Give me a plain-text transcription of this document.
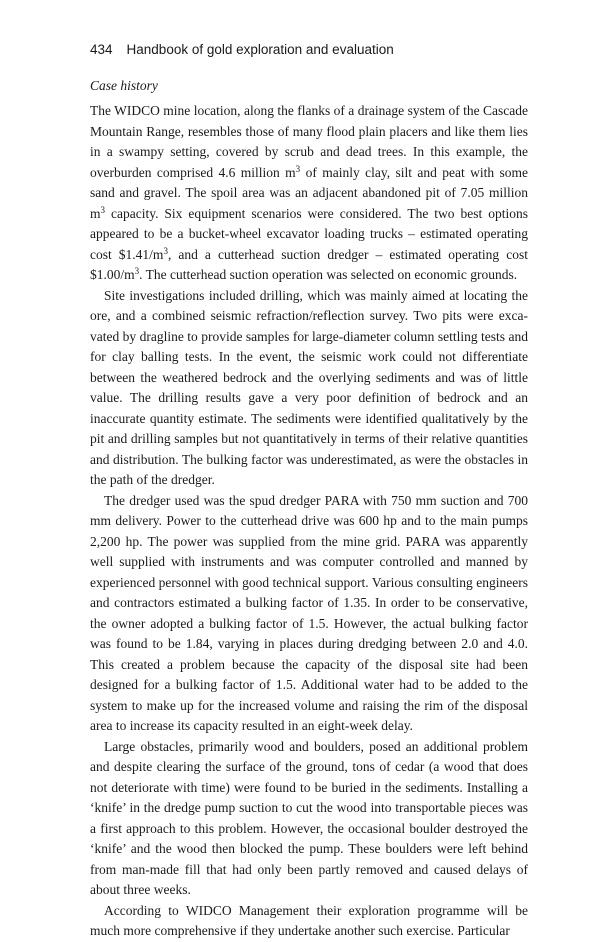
434 Handbook of gold exploration and evaluation
Case history

The WIDCO mine location, along the flanks of a drainage system of the Cascade Mountain Range, resembles those of many flood plain placers and like them lies in a swampy setting, covered by scrub and dead trees. In this example, the overburden comprised 4.6 million $m^3$ of mainly clay, silt and peat with some sand and gravel. The spoil area was an adjacent abandoned pit of 7.05 million $m^3$ capacity. Six equipment scenarios were considered. The two best options appeared to be a bucket-wheel excavator loading trucks – estimated operating cost $\$1.41/m^3$, and a cutterhead suction dredger – estimated operating cost $\$1.00/m^3$. The cutterhead suction operation was selected on economic grounds.

Site investigations included drilling, which was mainly aimed at locating the ore, and a combined seismic refraction/reflection survey. Two pits were excavated by dragline to provide samples for large-diameter column settling tests and for clay balling tests. In the event, the seismic work could not differentiate between the weathered bedrock and the overlying sediments and was of little value. The drilling results gave a very poor definition of bedrock and an inaccurate quantity estimate. The sediments were identified qualitatively by the pit and drilling samples but not quantitatively in terms of their relative quantities and distribution. The bulking factor was underestimated, as were the obstacles in the path of the dredger.

The dredger used was the spud dredger PARA with 750 mm suction and 700 mm delivery. Power to the cutterhead drive was 600 hp and to the main pumps 2,200 hp. The power was supplied from the mine grid. PARA was apparently well supplied with instruments and was computer controlled and manned by experienced personnel with good technical support. Various consulting engineers and contractors estimated a bulking factor of 1.35. In order to be conservative, the owner adopted a bulking factor of 1.5. However, the actual bulking factor was found to be 1.84, varying in places during dredging between 2.0 and 4.0. This created a problem because the capacity of the disposal site had been designed for a bulking factor of 1.5. Additional water had to be added to the system to make up for the increased volume and raising the rim of the disposal area to increase its capacity resulted in an eight-week delay.

Large obstacles, primarily wood and boulders, posed an additional problem and despite clearing the surface of the ground, tons of cedar (a wood that does not deteriorate with time) were found to be buried in the sediments. Installing a ‘knife’ in the dredge pump suction to cut the wood into transportable pieces was a first approach to this problem. However, the occasional boulder destroyed the ‘knife’ and the wood then blocked the pump. These boulders were left behind from man-made fill that had only been partly removed and caused delays of about three weeks.

According to WIDCO Management their exploration programme will be much more comprehensive if they undertake another such exercise. Particular
